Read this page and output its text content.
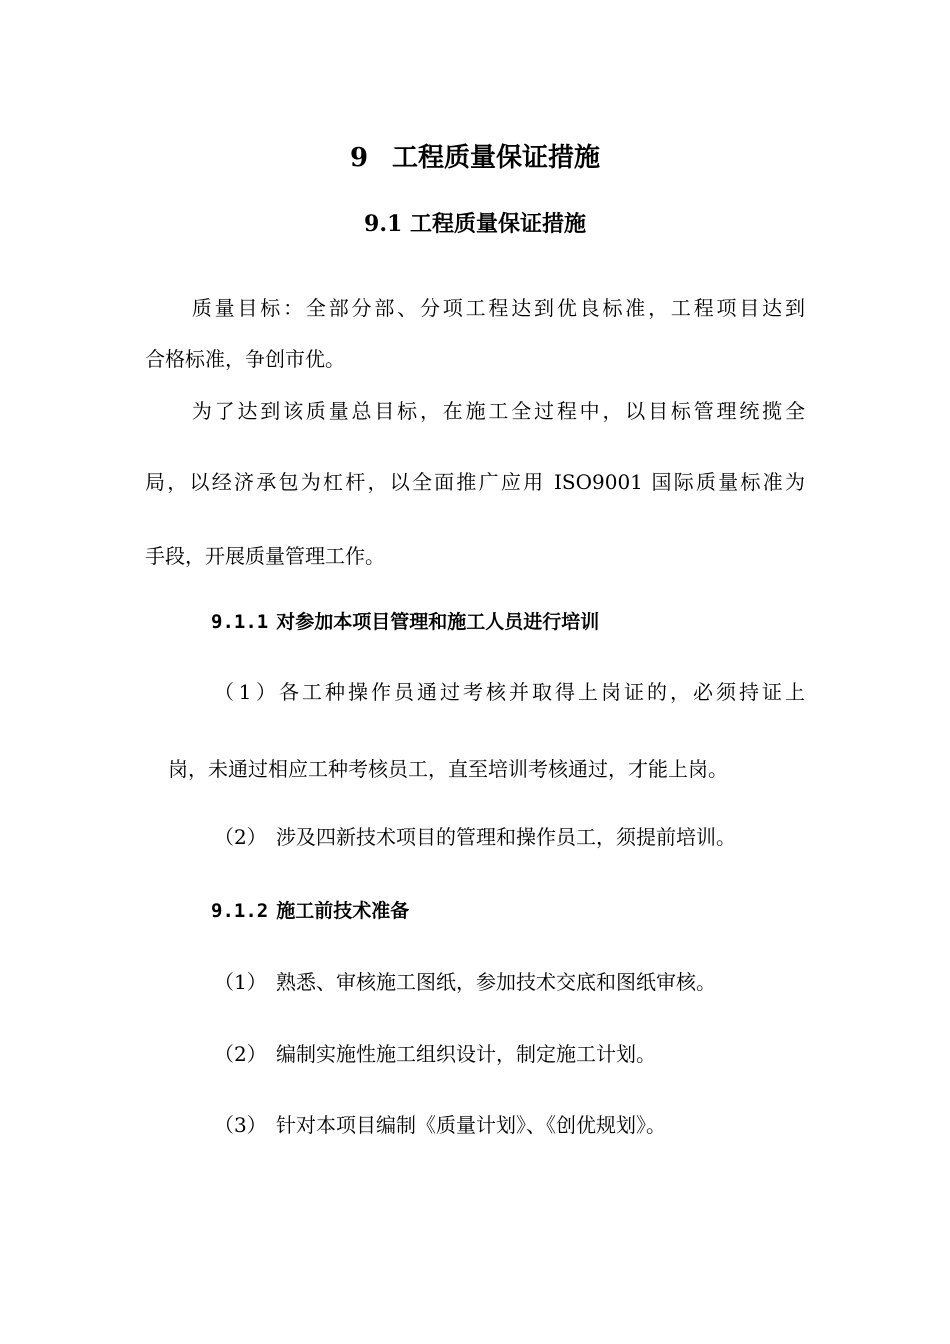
9 工程质量保证措施
9.1 工程质量保证措施
质量目标：全部分部、分项工程达到优良标准，工程项目达到
合格标准，争创市优。
为了达到该质量总目标，在施工全过程中，以目标管理统揽全
局，以经济承包为杠杆，以全面推广应用 ISO9001 国际质量标准为
手段，开展质量管理工作。
9.1.1 对参加本项目管理和施工人员进行培训
（1）各工种操作员通过考核并取得上岗证的，必须持证上
岗，未通过相应工种考核员工，直至培训考核通过，才能上岗。
（2） 涉及四新技术项目的管理和操作员工，须提前培训。
9.1.2 施工前技术准备
（1） 熟悉、审核施工图纸，参加技术交底和图纸审核。
（2） 编制实施性施工组织设计，制定施工计划。
（3） 针对本项目编制《质量计划》、《创优规划》。
